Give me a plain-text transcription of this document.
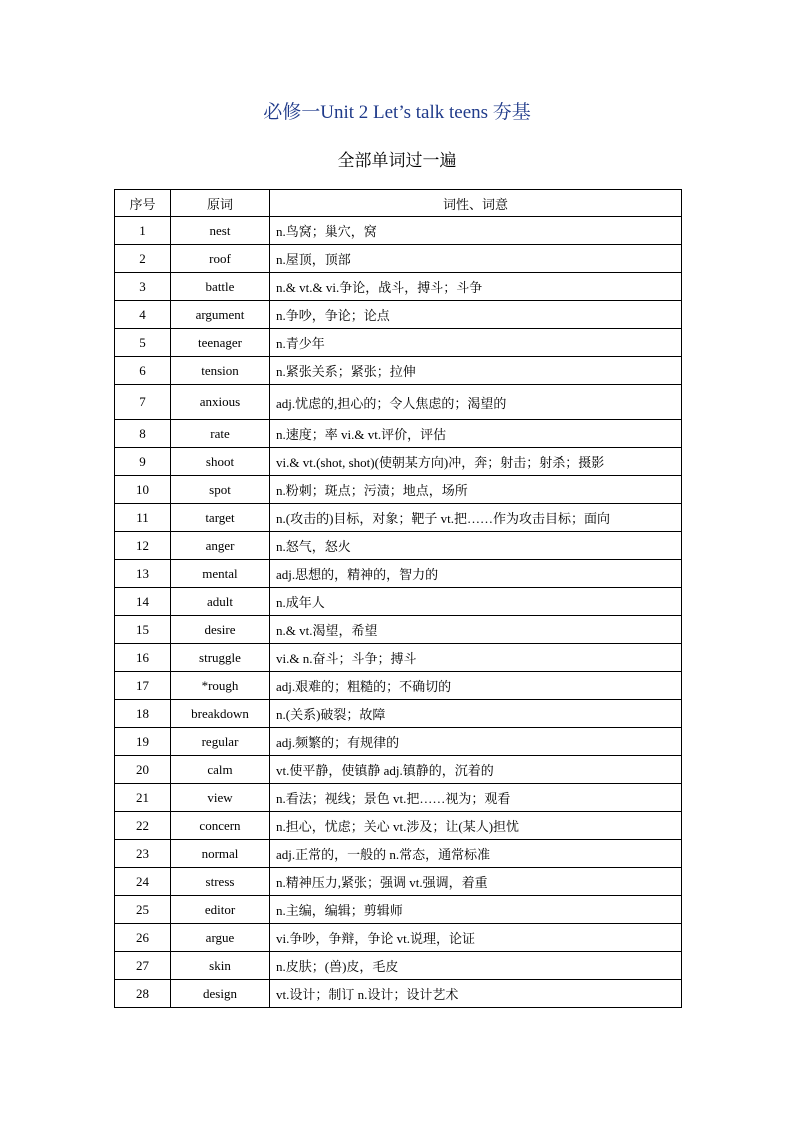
必修一Unit 2 Let’s talk teens 夯基
全部单词过一遍
序号	原词	词性、词意
1	nest	n.鸟窝；巢穴，窝
2	roof	n.屋顶，顶部
3	battle	n.& vt.& vi.争论，战斗，搏斗；斗争
4	argument	n.争吵，争论；论点
5	teenager	n.青少年
6	tension	n.紧张关系；紧张；拉伸
7	anxious	adj.忧虑的,担心的；令人焦虑的；渴望的
8	rate	n.速度；率 vi.& vt.评价，评估
9	shoot	vi.& vt.(shot, shot)(使朝某方向)冲，奔；射击；射杀；摄影
10	spot	n.粉刺；斑点；污渍；地点，场所
11	target	n.(攻击的)目标，对象；靶子 vt.把……作为攻击目标；面向
12	anger	n.怒气，怒火
13	mental	adj.思想的，精神的，智力的
14	adult	n.成年人
15	desire	n.& vt.渴望，希望
16	struggle	vi.& n.奋斗；斗争；搏斗
17	*rough	adj.艰难的；粗糙的；不确切的
18	breakdown	n.(关系)破裂；故障
19	regular	adj.频繁的；有规律的
20	calm	vt.使平静，使镇静 adj.镇静的，沉着的
21	view	n.看法；视线；景色 vt.把……视为；观看
22	concern	n.担心，忧虑；关心 vt.涉及；让(某人)担忧
23	normal	adj.正常的，一般的 n.常态，通常标准
24	stress	n.精神压力,紧张；强调 vt.强调，着重
25	editor	n.主编，编辑；剪辑师
26	argue	vi.争吵，争辩，争论 vt.说理，论证
27	skin	n.皮肤；(兽)皮，毛皮
28	design	vt.设计；制订 n.设计；设计艺术
